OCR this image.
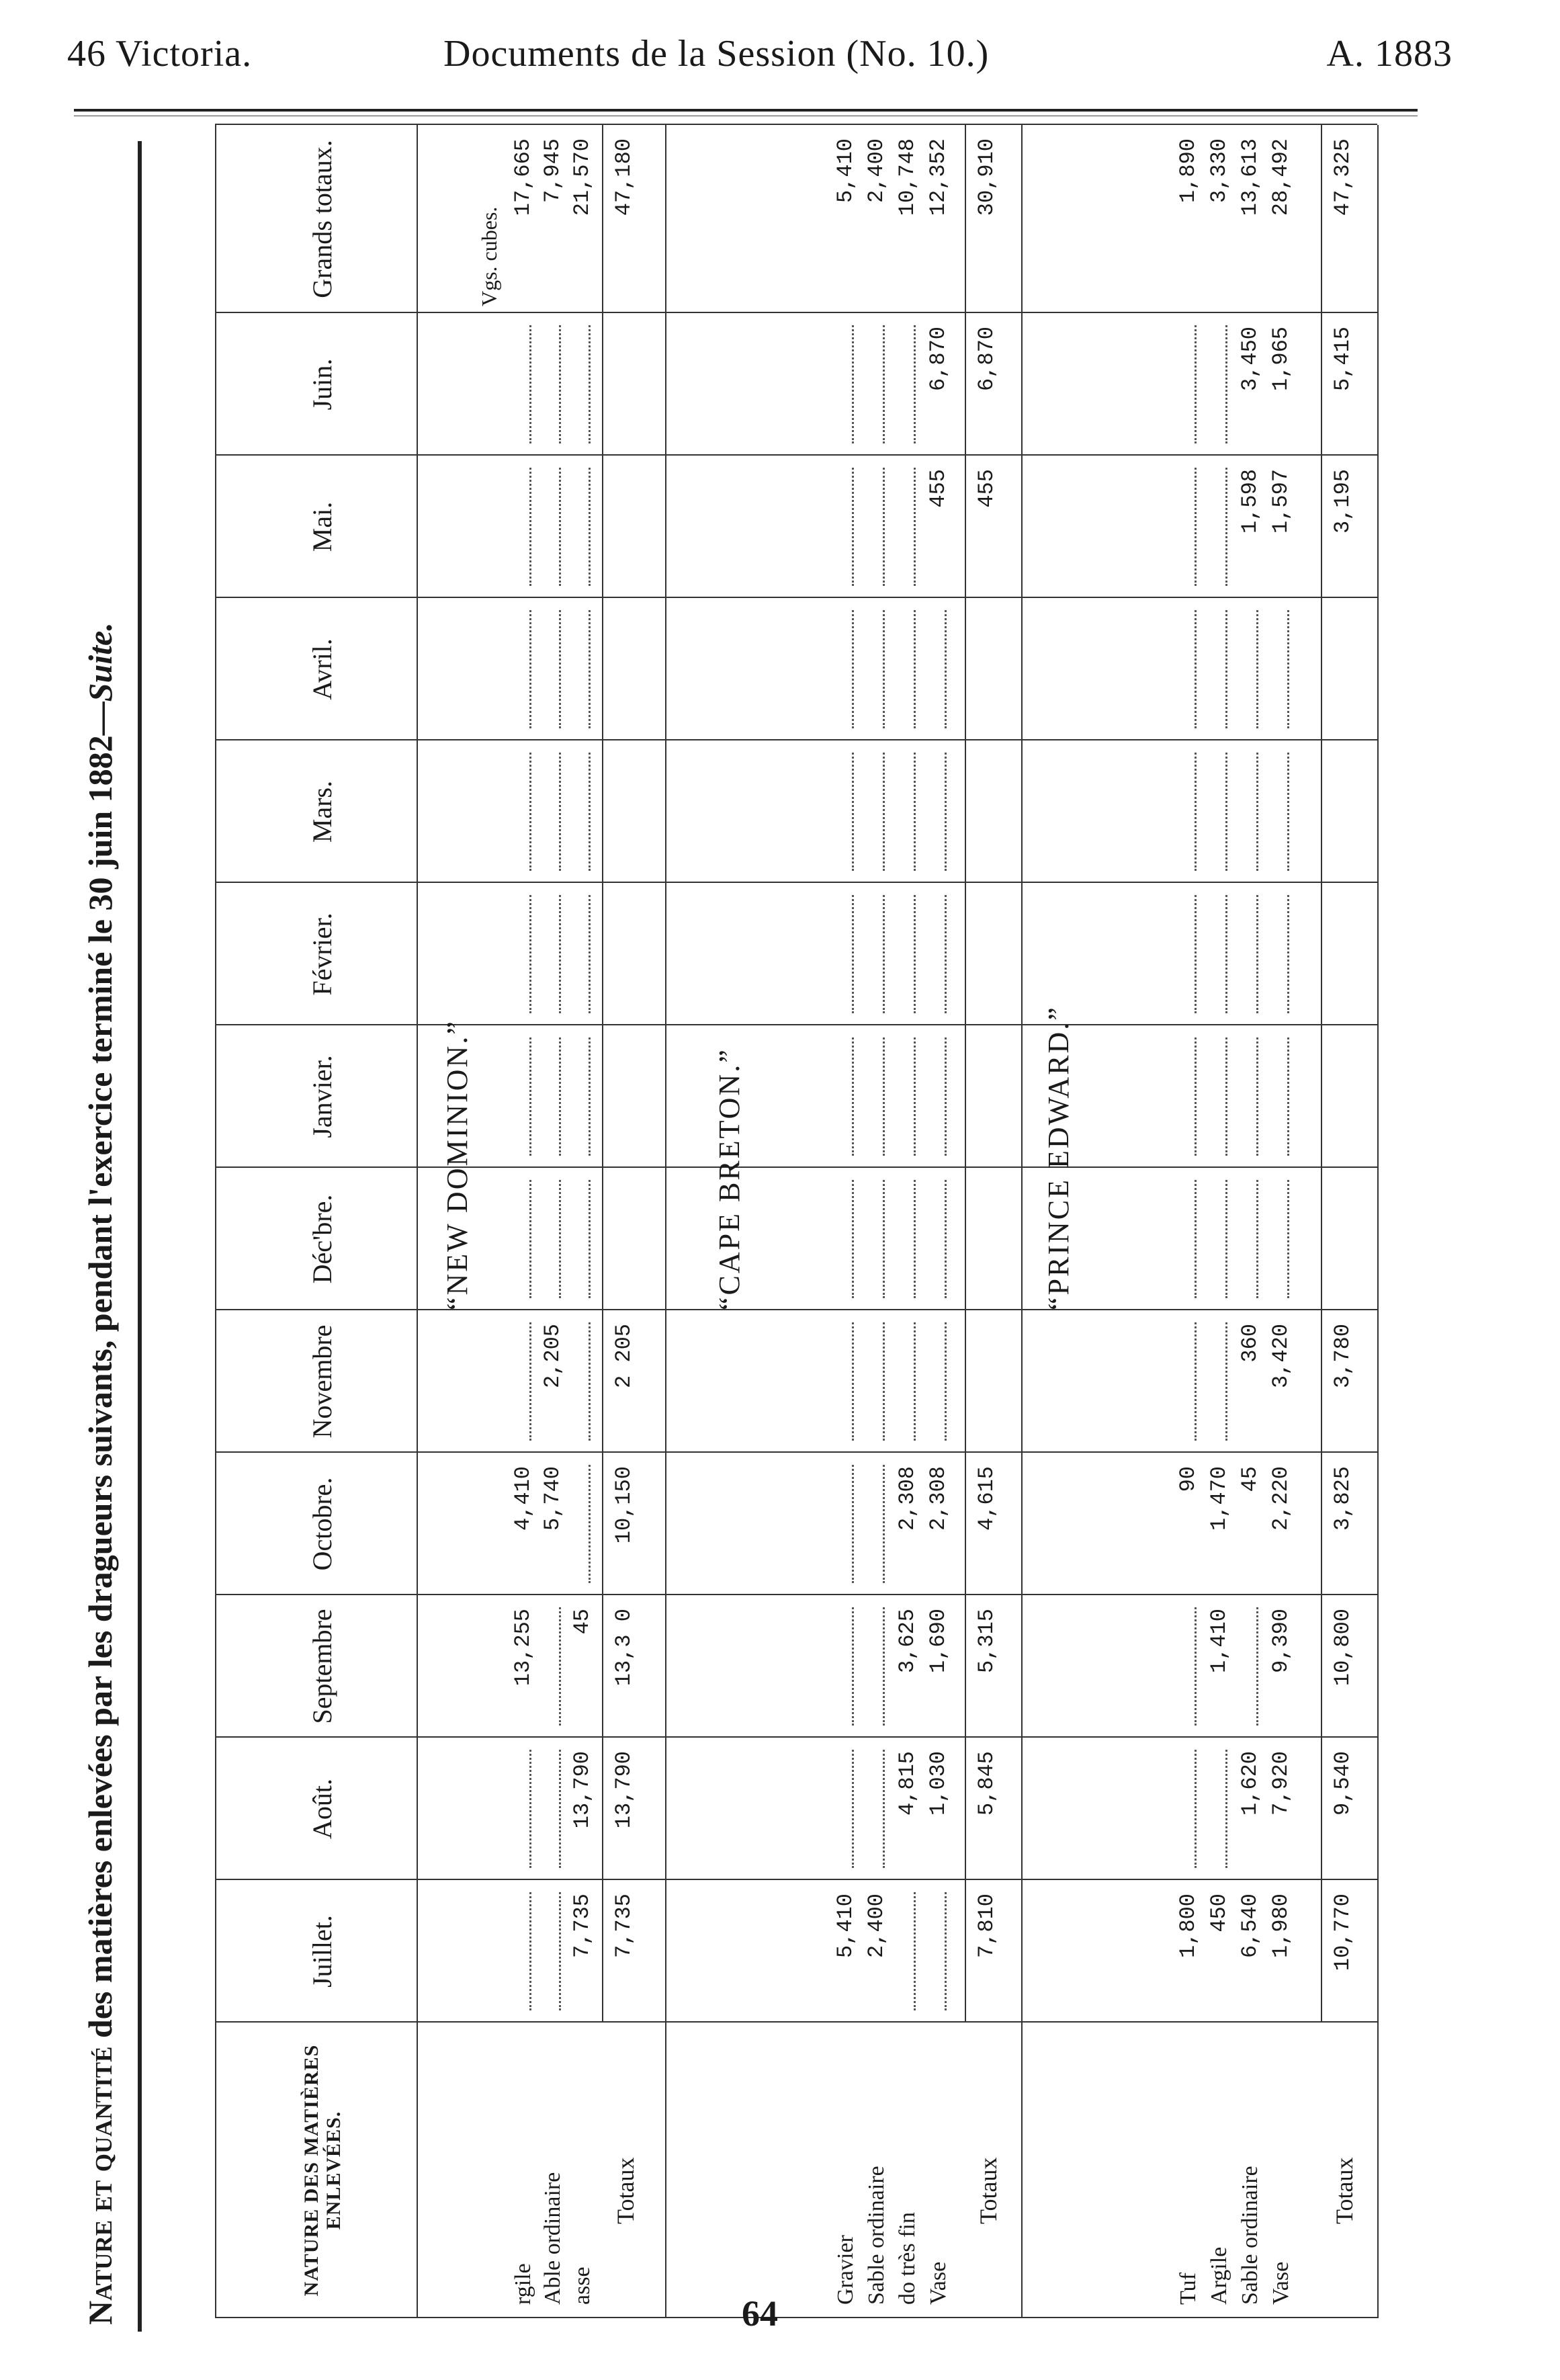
46 Victoria.	Documents de la Session (No. 10.)	A. 1883
Nature et quantité des matières enlevées par les dragueurs suivants, pendant l'exercice terminé le 30 juin 1882—Suite.
NATURE DES MATIÈRES ENLEVÉES.
Juillet.
Août.
Septembre
Octobre.
Novembre
Déc'bre.
Janvier.
Février.
Mars.
Avril.
Mai.
Juin.
Grands totaux.
“NEW DOMINION.”
Vgs. cubes.
rgile
13,255
4,410
17,665
Able ordinaire
5,740
2,205
7,945
asse
7,735
13,790
45
21,570
Totaux
7,735
13,790
13,3 0
10,150
2 205
47,180
“CAPE BRETON.”
Gravier
5,410
5,410
Sable ordinaire
2,400
2,400
do très fin
4,815
3,625
2,308
10,748
Vase
1,030
1,690
2,308
455
6,870
12,352
Totaux
7,810
5,845
5,315
4,615
455
6,870
30,910
“PRINCE EDWARD.”
Tuf
1,800
90
1,890
Argile
450
1,410
1,470
3,330
Sable ordinaire
6,540
1,620
45
360
1,598
3,450
13,613
Vase
1,980
7,920
9,390
2,220
3,420
1,597
1,965
28,492
Totaux
10,770
9,540
10,800
3,825
3,780
3,195
5,415
47,325
64
